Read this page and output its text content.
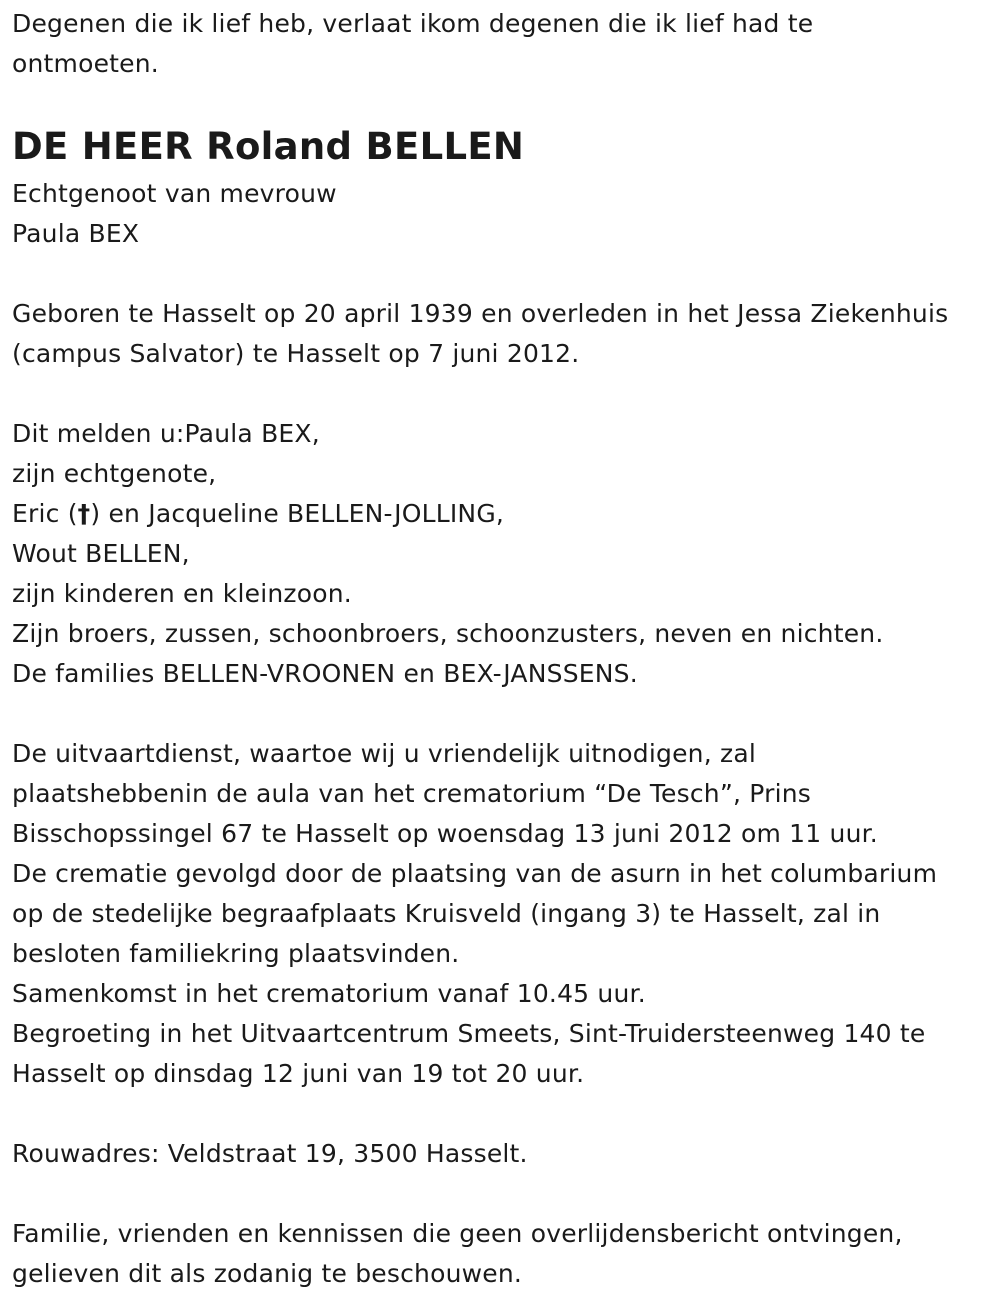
Degenen die ik lief heb, verlaat ikom degenen die ik lief had te
ontmoeten.
DE HEER Roland BELLEN
Echtgenoot van mevrouw
Paula BEX
Geboren te Hasselt op 20 april 1939 en overleden in het Jessa Ziekenhuis
(campus Salvator) te Hasselt op 7 juni 2012.
Dit melden u:Paula BEX,
zijn echtgenote,
Eric (†) en Jacqueline BELLEN-JOLLING,
Wout BELLEN,
zijn kinderen en kleinzoon.
Zijn broers, zussen, schoonbroers, schoonzusters, neven en nichten.
De families BELLEN-VROONEN en BEX-JANSSENS.
De uitvaartdienst, waartoe wij u vriendelijk uitnodigen, zal
plaatshebbenin de aula van het crematorium “De Tesch”, Prins
Bisschopssingel 67 te Hasselt op woensdag 13 juni 2012 om 11 uur.
De crematie gevolgd door de plaatsing van de asurn in het columbarium
op de stedelijke begraafplaats Kruisveld (ingang 3) te Hasselt, zal in
besloten familiekring plaatsvinden.
Samenkomst in het crematorium vanaf 10.45 uur.
Begroeting in het Uitvaartcentrum Smeets, Sint-Truidersteenweg 140 te
Hasselt op dinsdag 12 juni van 19 tot 20 uur.
Rouwadres: Veldstraat 19, 3500 Hasselt.
Familie, vrienden en kennissen die geen overlijdensbericht ontvingen,
gelieven dit als zodanig te beschouwen.
